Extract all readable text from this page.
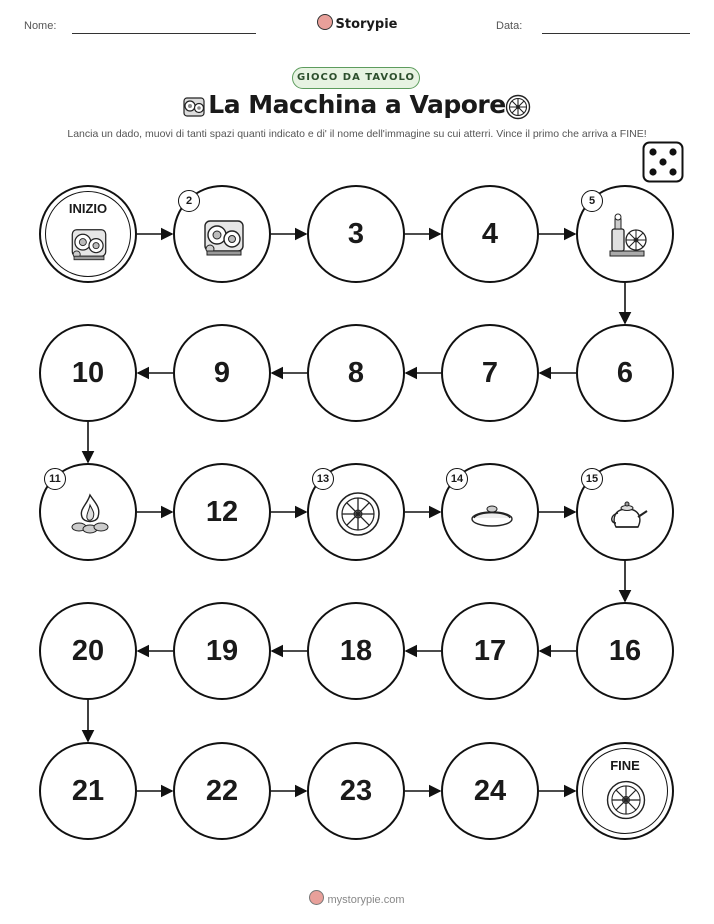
Nome:	Storypie	Data:
GIOCO DA TAVOLO
La Macchina a Vapore
Lancia un dado, muovi di tanti spazi quanti indicato e di' il nome dell'immagine su cui atterri. Vince il primo che arriva a FINE!
INIZIO	2
3	4
5
6
7
8
9
10
11
12
13	14	15
16
17
18
19
20
21	22	23	24
FINE
mystorypie.com
